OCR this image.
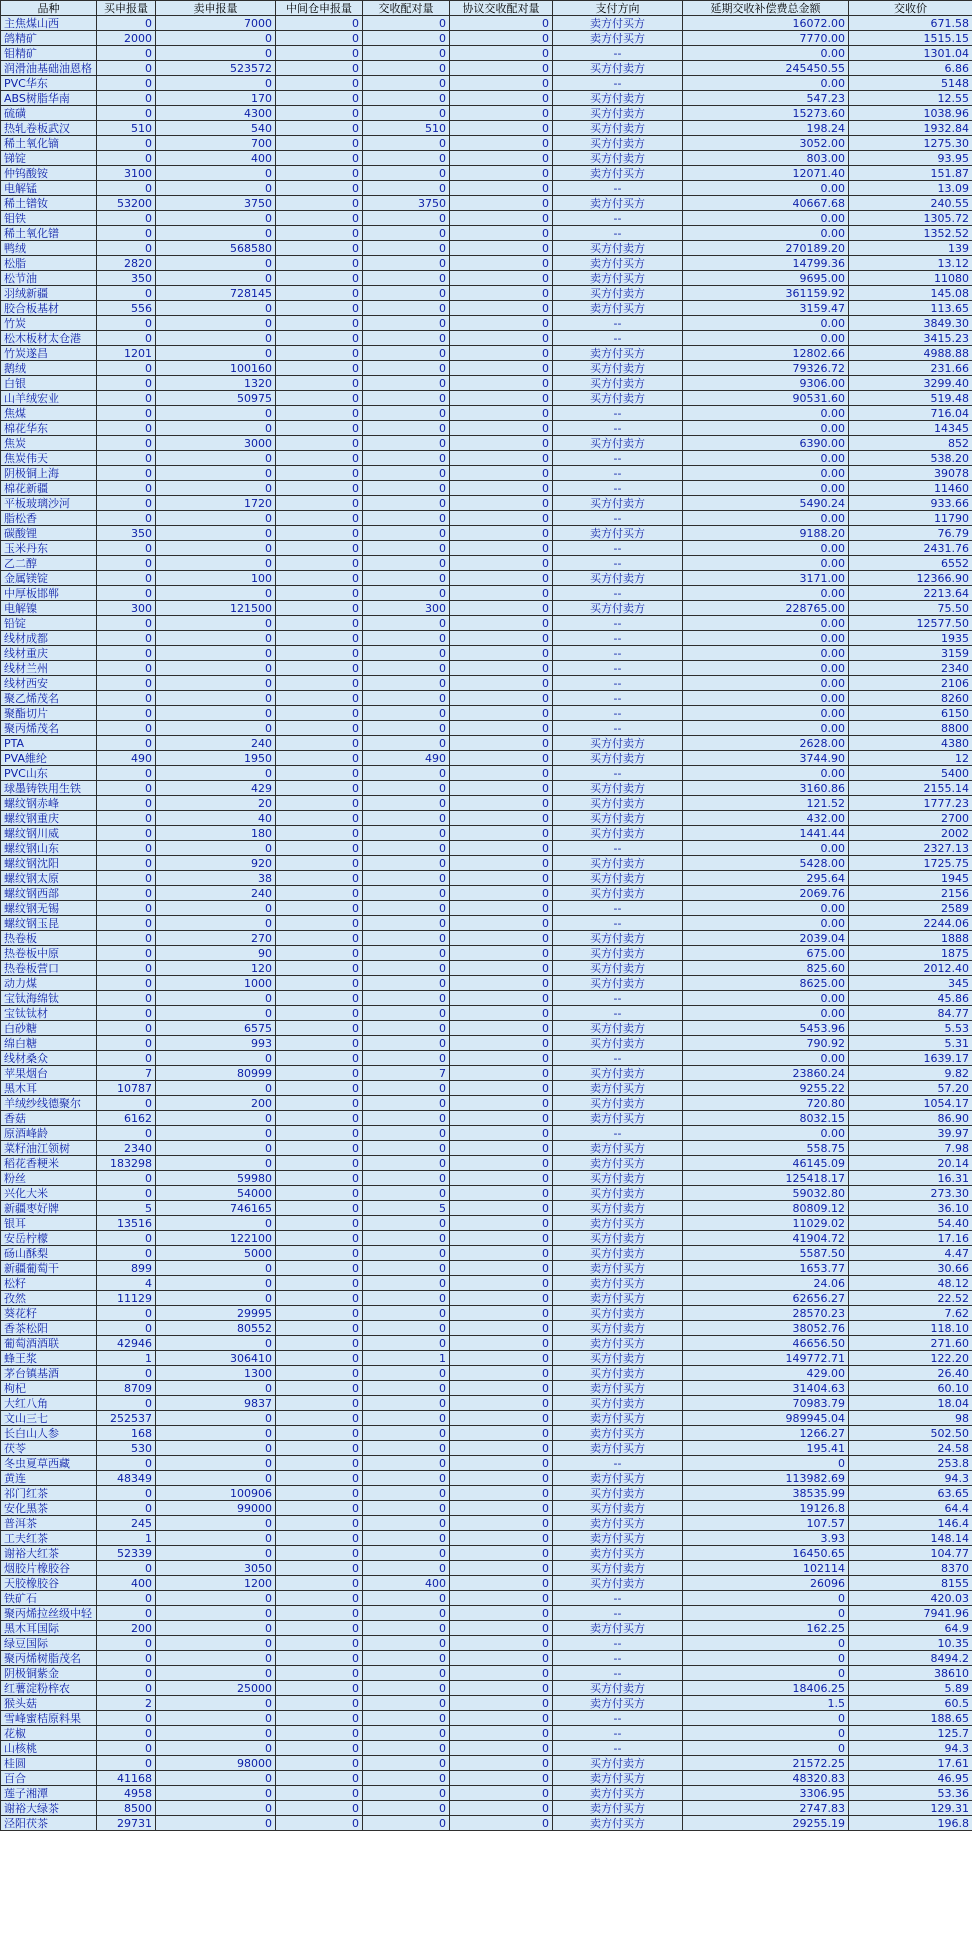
品种	买申报量	卖申报量	中间仓申报量	交收配对量	协议交收配对量	支付方向	延期交收补偿费总金额	交收价
主焦煤山西	0	7000	0	0	0	卖方付买方	16072.00	671.58
鸽精矿	2000	0	0	0	0	卖方付买方	7770.00	1515.15
钼精矿	0	0	0	0	0	--	0.00	1301.04
润滑油基础油恩格	0	523572	0	0	0	买方付卖方	245450.55	6.86
PVC华东	0	0	0	0	0	--	0.00	5148
ABS树脂华南	0	170	0	0	0	买方付卖方	547.23	12.55
硫磺	0	4300	0	0	0	买方付卖方	15273.60	1038.96
热轧卷板武汉	510	540	0	510	0	买方付卖方	198.24	1932.84
稀土氧化镝	0	700	0	0	0	买方付卖方	3052.00	1275.30
锑锭	0	400	0	0	0	买方付卖方	803.00	93.95
仲钨酸铵	3100	0	0	0	0	卖方付买方	12071.40	151.87
电解锰	0	0	0	0	0	--	0.00	13.09
稀土镨钕	53200	3750	0	3750	0	卖方付买方	40667.68	240.55
钼铁	0	0	0	0	0	--	0.00	1305.72
稀土氧化镨	0	0	0	0	0	--	0.00	1352.52
鸭绒	0	568580	0	0	0	买方付卖方	270189.20	139
松脂	2820	0	0	0	0	卖方付买方	14799.36	13.12
松节油	350	0	0	0	0	卖方付买方	9695.00	11080
羽绒新疆	0	728145	0	0	0	买方付卖方	361159.92	145.08
胶合板基材	556	0	0	0	0	卖方付买方	3159.47	113.65
竹炭	0	0	0	0	0	--	0.00	3849.30
松木板材太仓港	0	0	0	0	0	--	0.00	3415.23
竹炭遂昌	1201	0	0	0	0	卖方付买方	12802.66	4988.88
鹅绒	0	100160	0	0	0	买方付卖方	79326.72	231.66
白银	0	1320	0	0	0	买方付卖方	9306.00	3299.40
山羊绒宏业	0	50975	0	0	0	买方付卖方	90531.60	519.48
焦煤	0	0	0	0	0	--	0.00	716.04
棉花华东	0	0	0	0	0	--	0.00	14345
焦炭	0	3000	0	0	0	买方付卖方	6390.00	852
焦炭伟天	0	0	0	0	0	--	0.00	538.20
阴极铜上海	0	0	0	0	0	--	0.00	39078
棉花新疆	0	0	0	0	0	--	0.00	11460
平板玻璃沙河	0	1720	0	0	0	买方付卖方	5490.24	933.66
脂松香	0	0	0	0	0	--	0.00	11790
碳酸锂	350	0	0	0	0	卖方付买方	9188.20	76.79
玉米丹东	0	0	0	0	0	--	0.00	2431.76
乙二醇	0	0	0	0	0	--	0.00	6552
金属镁锭	0	100	0	0	0	买方付卖方	3171.00	12366.90
中厚板邯郸	0	0	0	0	0	--	0.00	2213.64
电解镍	300	121500	0	300	0	买方付卖方	228765.00	75.50
铅锭	0	0	0	0	0	--	0.00	12577.50
线材成都	0	0	0	0	0	--	0.00	1935
线材重庆	0	0	0	0	0	--	0.00	3159
线材兰州	0	0	0	0	0	--	0.00	2340
线材西安	0	0	0	0	0	--	0.00	2106
聚乙烯茂名	0	0	0	0	0	--	0.00	8260
聚酯切片	0	0	0	0	0	--	0.00	6150
聚丙烯茂名	0	0	0	0	0	--	0.00	8800
PTA	0	240	0	0	0	买方付卖方	2628.00	4380
PVA維纶	490	1950	0	490	0	买方付卖方	3744.90	12
PVC山东	0	0	0	0	0	--	0.00	5400
球墨铸铁用生铁	0	429	0	0	0	买方付卖方	3160.86	2155.14
螺纹钢赤峰	0	20	0	0	0	买方付卖方	121.52	1777.23
螺纹钢重庆	0	40	0	0	0	买方付卖方	432.00	2700
螺纹钢川威	0	180	0	0	0	买方付卖方	1441.44	2002
螺纹钢山东	0	0	0	0	0	--	0.00	2327.13
螺纹钢沈阳	0	920	0	0	0	买方付卖方	5428.00	1725.75
螺纹钢太原	0	38	0	0	0	买方付卖方	295.64	1945
螺纹钢西部	0	240	0	0	0	买方付卖方	2069.76	2156
螺纹钢无锡	0	0	0	0	0	--	0.00	2589
螺纹钢玉昆	0	0	0	0	0	--	0.00	2244.06
热卷板	0	270	0	0	0	买方付卖方	2039.04	1888
热卷板中原	0	90	0	0	0	买方付卖方	675.00	1875
热卷板营口	0	120	0	0	0	买方付卖方	825.60	2012.40
动力煤	0	1000	0	0	0	买方付卖方	8625.00	345
宝钛海绵钛	0	0	0	0	0	--	0.00	45.86
宝钛钛材	0	0	0	0	0	--	0.00	84.77
白砂糖	0	6575	0	0	0	买方付卖方	5453.96	5.53
绵白糖	0	993	0	0	0	买方付卖方	790.92	5.31
线材桑众	0	0	0	0	0	--	0.00	1639.17
苹果烟台	7	80999	0	7	0	买方付卖方	23860.24	9.82
黑木耳	10787	0	0	0	0	卖方付买方	9255.22	57.20
羊绒纱线德聚尔	0	200	0	0	0	买方付卖方	720.80	1054.17
香菇	6162	0	0	0	0	卖方付买方	8032.15	86.90
原酒峰龄	0	0	0	0	0	--	0.00	39.97
菜籽油江领树	2340	0	0	0	0	卖方付买方	558.75	7.98
稻花香粳米	183298	0	0	0	0	卖方付买方	46145.09	20.14
粉丝	0	59980	0	0	0	买方付卖方	125418.17	16.31
兴化大米	0	54000	0	0	0	买方付卖方	59032.80	273.30
新疆枣好牌	5	746165	0	5	0	买方付卖方	80809.12	36.10
银耳	13516	0	0	0	0	卖方付买方	11029.02	54.40
安岳柠檬	0	122100	0	0	0	买方付卖方	41904.72	17.16
砀山酥梨	0	5000	0	0	0	买方付卖方	5587.50	4.47
新疆葡萄干	899	0	0	0	0	卖方付买方	1653.77	30.66
松籽	4	0	0	0	0	卖方付买方	24.06	48.12
孜然	11129	0	0	0	0	卖方付买方	62656.27	22.52
葵花籽	0	29995	0	0	0	买方付卖方	28570.23	7.62
香茶松阳	0	80552	0	0	0	买方付卖方	38052.76	118.10
葡萄酒酒联	42946	0	0	0	0	卖方付买方	46656.50	271.60
蜂王浆	1	306410	0	1	0	买方付卖方	149772.71	122.20
茅台镇基酒	0	1300	0	0	0	买方付卖方	429.00	26.40
枸杞	8709	0	0	0	0	卖方付买方	31404.63	60.10
大红八角	0	9837	0	0	0	买方付卖方	70983.79	18.04
文山三七	252537	0	0	0	0	卖方付买方	989945.04	98
长白山人参	168	0	0	0	0	卖方付买方	1266.27	502.50
茯苓	530	0	0	0	0	卖方付买方	195.41	24.58
冬虫夏草西藏	0	0	0	0	0	--	0	253.8
黄连	48349	0	0	0	0	卖方付买方	113982.69	94.3
祁门红茶	0	100906	0	0	0	买方付卖方	38535.99	63.65
安化黑茶	0	99000	0	0	0	买方付卖方	19126.8	64.4
普洱茶	245	0	0	0	0	卖方付买方	107.57	146.4
工夫红茶	1	0	0	0	0	卖方付买方	3.93	148.14
谢裕大红茶	52339	0	0	0	0	卖方付买方	16450.65	104.77
烟胶片橡胶谷	0	3050	0	0	0	买方付卖方	102114	8370
天胶橡胶谷	400	1200	0	400	0	买方付卖方	26096	8155
铁矿石	0	0	0	0	0	--	0	420.03
聚丙烯拉丝级中轻	0	0	0	0	0	--	0	7941.96
黑木耳国际	200	0	0	0	0	卖方付买方	162.25	64.9
绿豆国际	0	0	0	0	0	--	0	10.35
聚丙烯树脂茂名	0	0	0	0	0	--	0	8494.2
阴极铜紫金	0	0	0	0	0	--	0	38610
红薯淀粉梓农	0	25000	0	0	0	买方付卖方	18406.25	5.89
猴头菇	2	0	0	0	0	卖方付买方	1.5	60.5
雪峰蜜桔原料果	0	0	0	0	0	--	0	188.65
花椒	0	0	0	0	0	--	0	125.7
山核桃	0	0	0	0	0	--	0	94.3
桂圆	0	98000	0	0	0	买方付卖方	21572.25	17.61
百合	41168	0	0	0	0	卖方付买方	48320.83	46.95
莲子湘潭	4958	0	0	0	0	卖方付买方	3306.95	53.36
谢裕大绿茶	8500	0	0	0	0	卖方付买方	2747.83	129.31
泾阳茯茶	29731	0	0	0	0	卖方付买方	29255.19	196.8
